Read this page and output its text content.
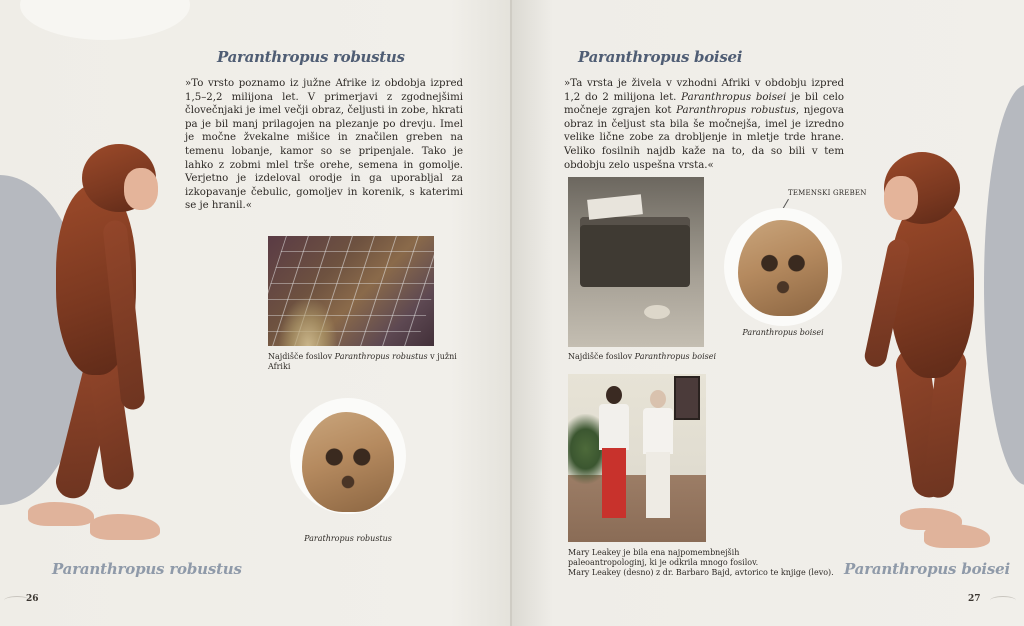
Paranthropus robustus
»To vrsto poznamo iz južne Afrike iz obdobja izpred 1,5–2,2 milijona let. V primerjavi z zgodnejšimi človečnjaki je imel večji obraz, čeljusti in zobe, hkrati pa je bil manj prilagojen na plezanje po drevju. Imel je močne žvekalne mišice in značilen greben na temenu lobanje, kamor so se pripenjale. Tako je lahko z zobmi mlel trše orehe, semena in gomolje. Verjetno je izdeloval orodje in ga uporabljal za izkopavanje čebulic, gomoljev in korenik, s katerimi se je hranil.«
Najdišče fosilov Paranthropus robustus v južni Afriki
Parathropus robustus
Paranthropus robustus
26
Paranthropus boisei
»Ta vrsta je živela v vzhodni Afriki v obdobju izpred 1,2 do 2 milijona let. Paranthropus boisei je bil celo močneje zgrajen kot Paranthropus robustus, njegova obraz in čeljust sta bila še močnejša, imel je izredno velike lične zobe za drobljenje in mletje trde hrane. Veliko fosilnih najdb kaže na to, da so bili v tem obdobju zelo uspešna vrsta.«
Najdišče fosilov Paranthropus boisei
TEMENSKI GREBEN
Paranthropus boisei
Mary Leakey je bila ena najpomembnejših
paleoantropologinj, ki je odkrila mnogo fosilov.
Mary Leakey (desno) z dr. Barbaro Bajd, avtorico te knjige (levo). Paranthropus boisei
27
